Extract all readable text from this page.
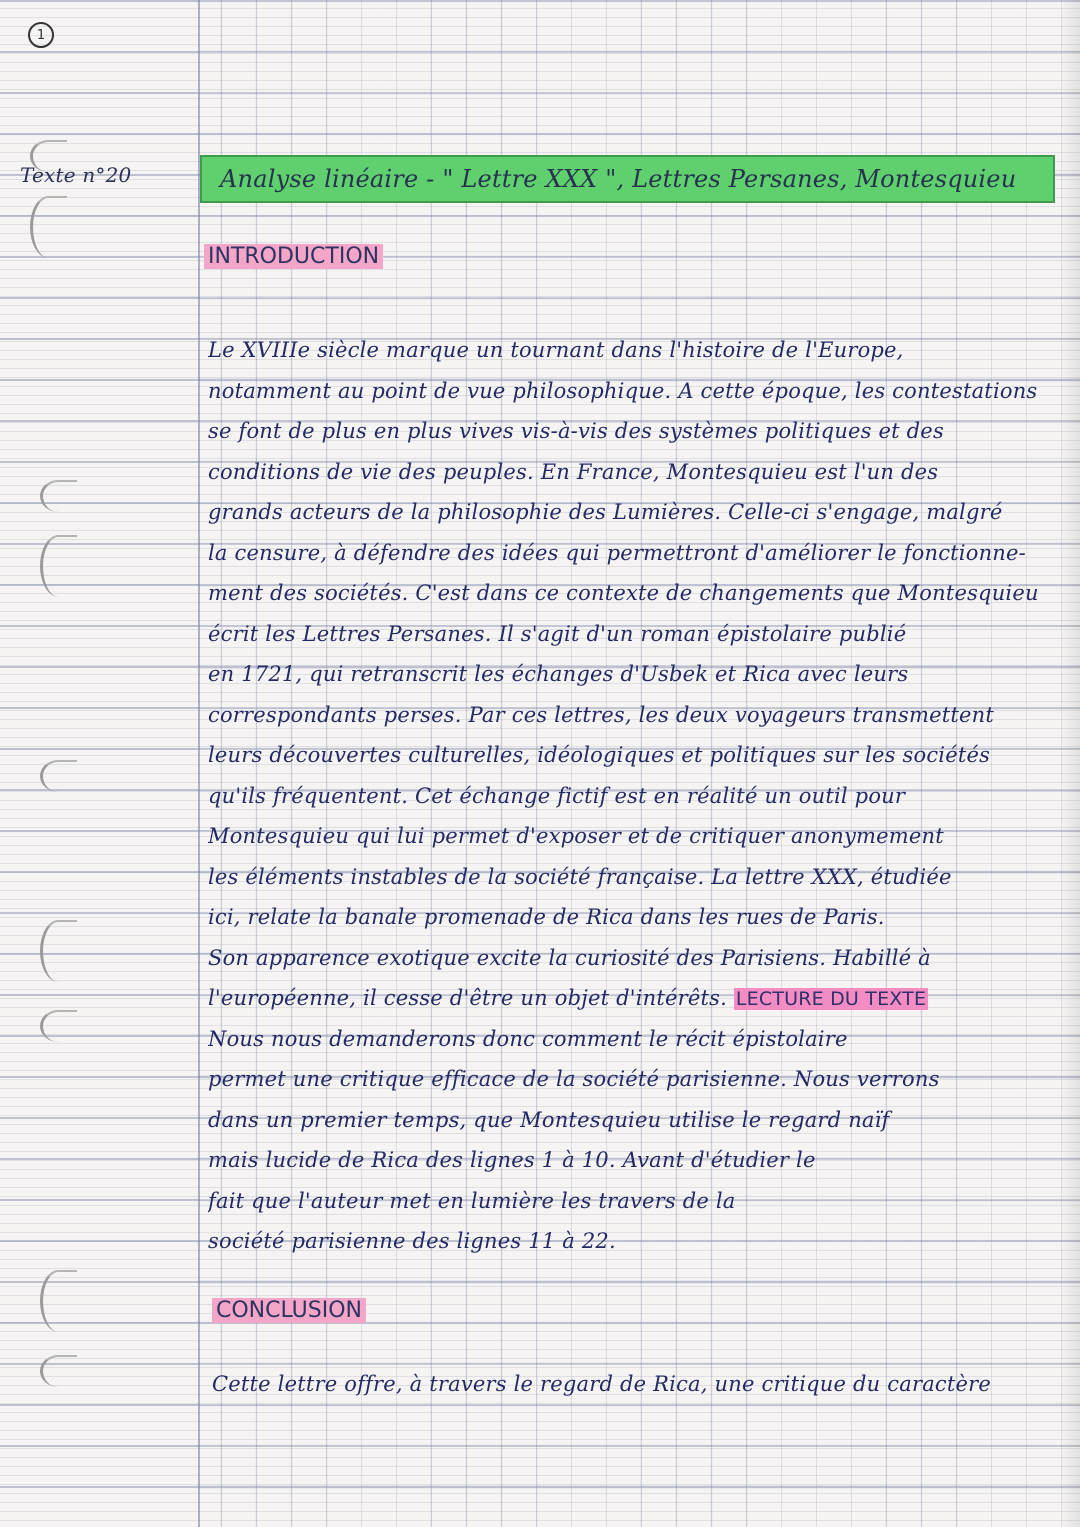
1
Texte n°20	Analyse linéaire - " Lettre XXX ", Lettres Persanes, Montesquieu
INTRODUCTION
Le XVIIIe siècle marque un tournant dans l'histoire de l'Europe,
notamment au point de vue philosophique. A cette époque, les contestations
se font de plus en plus vives vis-à-vis des systèmes politiques et des
conditions de vie des peuples. En France, Montesquieu est l'un des
grands acteurs de la philosophie des Lumières. Celle-ci s'engage, malgré
la censure, à défendre des idées qui permettront d'améliorer le fonctionne-
ment des sociétés. C'est dans ce contexte de changements que Montesquieu
écrit les Lettres Persanes. Il s'agit d'un roman épistolaire publié
en 1721, qui retranscrit les échanges d'Usbek et Rica avec leurs
correspondants perses. Par ces lettres, les deux voyageurs transmettent
leurs découvertes culturelles, idéologiques et politiques sur les sociétés
qu'ils fréquentent. Cet échange fictif est en réalité un outil pour
Montesquieu qui lui permet d'exposer et de critiquer anonymement
les éléments instables de la société française. La lettre XXX, étudiée
ici, relate la banale promenade de Rica dans les rues de Paris.
Son apparence exotique excite la curiosité des Parisiens. Habillé à
l'européenne, il cesse d'être un objet d'intérêts. LECTURE DU TEXTE
Nous nous demanderons donc comment le récit épistolaire
permet une critique efficace de la société parisienne. Nous verrons
dans un premier temps, que Montesquieu utilise le regard naïf
mais lucide de Rica des lignes 1 à 10. Avant d'étudier le
fait que l'auteur met en lumière les travers de la
société parisienne des lignes 11 à 22.
CONCLUSION
Cette lettre offre, à travers le regard de Rica, une critique du caractère
